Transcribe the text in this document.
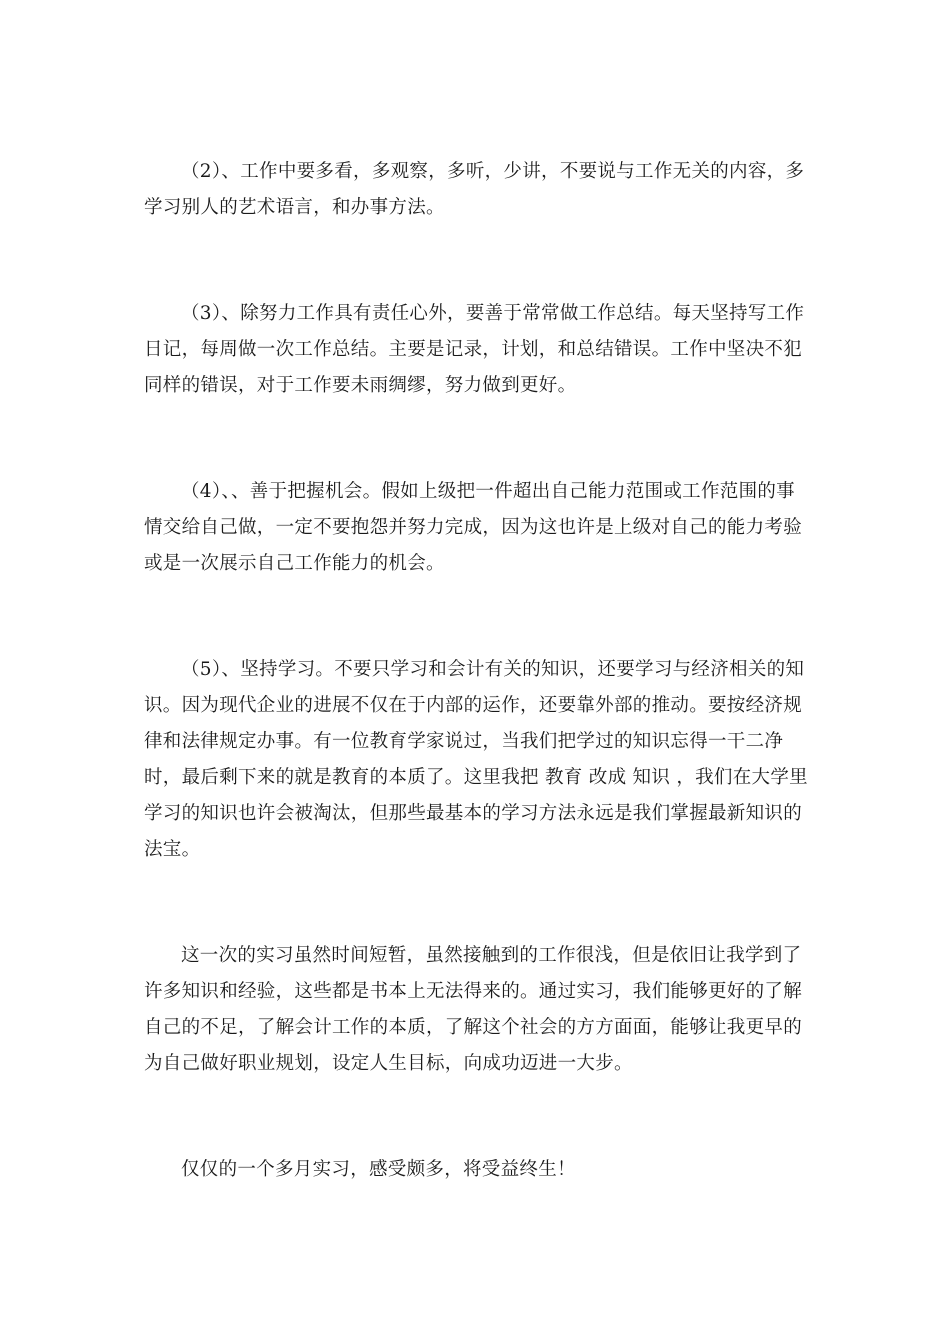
（2）、工作中要多看，多观察，多听，少讲，不要说与工作无关的内容，多学习别人的艺术语言，和办事方法。

（3）、除努力工作具有责任心外，要善于常常做工作总结。每天坚持写工作日记，每周做一次工作总结。主要是记录，计划，和总结错误。工作中坚决不犯同样的错误，对于工作要未雨绸缪，努力做到更好。

（4）、、善于把握机会。假如上级把一件超出自己能力范围或工作范围的事情交给自己做，一定不要抱怨并努力完成，因为这也许是上级对自己的能力考验或是一次展示自己工作能力的机会。

（5）、坚持学习。不要只学习和会计有关的知识，还要学习与经济相关的知识。因为现代企业的进展不仅在于内部的运作，还要靠外部的推动。要按经济规律和法律规定办事。有一位教育学家说过，当我们把学过的知识忘得一干二净时，最后剩下来的就是教育的本质了。这里我把 教育 改成 知识 ，我们在大学里学习的知识也许会被淘汰，但那些最基本的学习方法永远是我们掌握最新知识的法宝。

这一次的实习虽然时间短暂，虽然接触到的工作很浅，但是依旧让我学到了许多知识和经验，这些都是书本上无法得来的。通过实习，我们能够更好的了解自己的不足，了解会计工作的本质，了解这个社会的方方面面，能够让我更早的为自己做好职业规划，设定人生目标，向成功迈进一大步。

仅仅的一个多月实习，感受颇多，将受益终生！
